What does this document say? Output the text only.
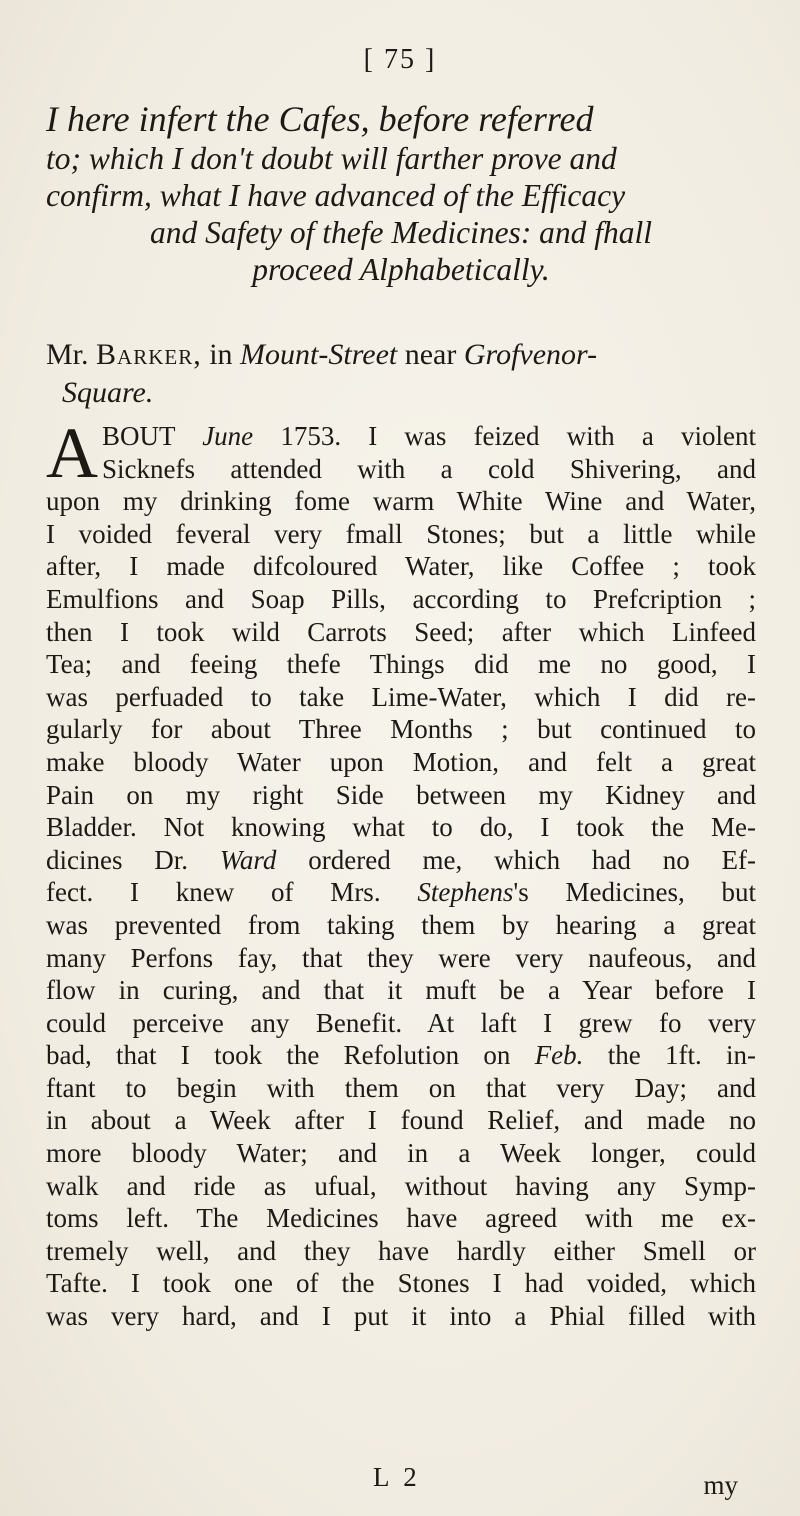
[ 75 ]
I here infert the Cafes, before referred
to; which I don't doubt will farther prove and
confirm, what I have advanced of the Efficacy
and Safety of thefe Medicines: and fhall
proceed Alphabetically.
Mr. Barker, in Mount-Street near Grofvenor-
Square.
A BOUT June 1753. I was feized with a violent
Sicknefs attended with a cold Shivering, and
upon my drinking fome warm White Wine and Water,
I voided feveral very fmall Stones; but a little while
after, I made difcoloured Water, like Coffee ; took
Emulfions and Soap Pills, according to Prefcription ;
then I took wild Carrots Seed; after which Linfeed
Tea; and feeing thefe Things did me no good, I
was perfuaded to take Lime-Water, which I did re-
gularly for about Three Months ; but continued to
make bloody Water upon Motion, and felt a great
Pain on my right Side between my Kidney and
Bladder. Not knowing what to do, I took the Me-
dicines Dr. Ward ordered me, which had no Ef-
fect. I knew of Mrs. Stephens's Medicines, but
was prevented from taking them by hearing a great
many Perfons fay, that they were very naufeous, and
flow in curing, and that it muft be a Year before I
could perceive any Benefit. At laft I grew fo very
bad, that I took the Refolution on Feb. the 1ft. in-
ftant to begin with them on that very Day; and
in about a Week after I found Relief, and made no
more bloody Water; and in a Week longer, could
walk and ride as ufual, without having any Symp-
toms left. The Medicines have agreed with me ex-
tremely well, and they have hardly either Smell or
Tafte. I took one of the Stones I had voided, which
was very hard, and I put it into a Phial filled with
L 2	my
